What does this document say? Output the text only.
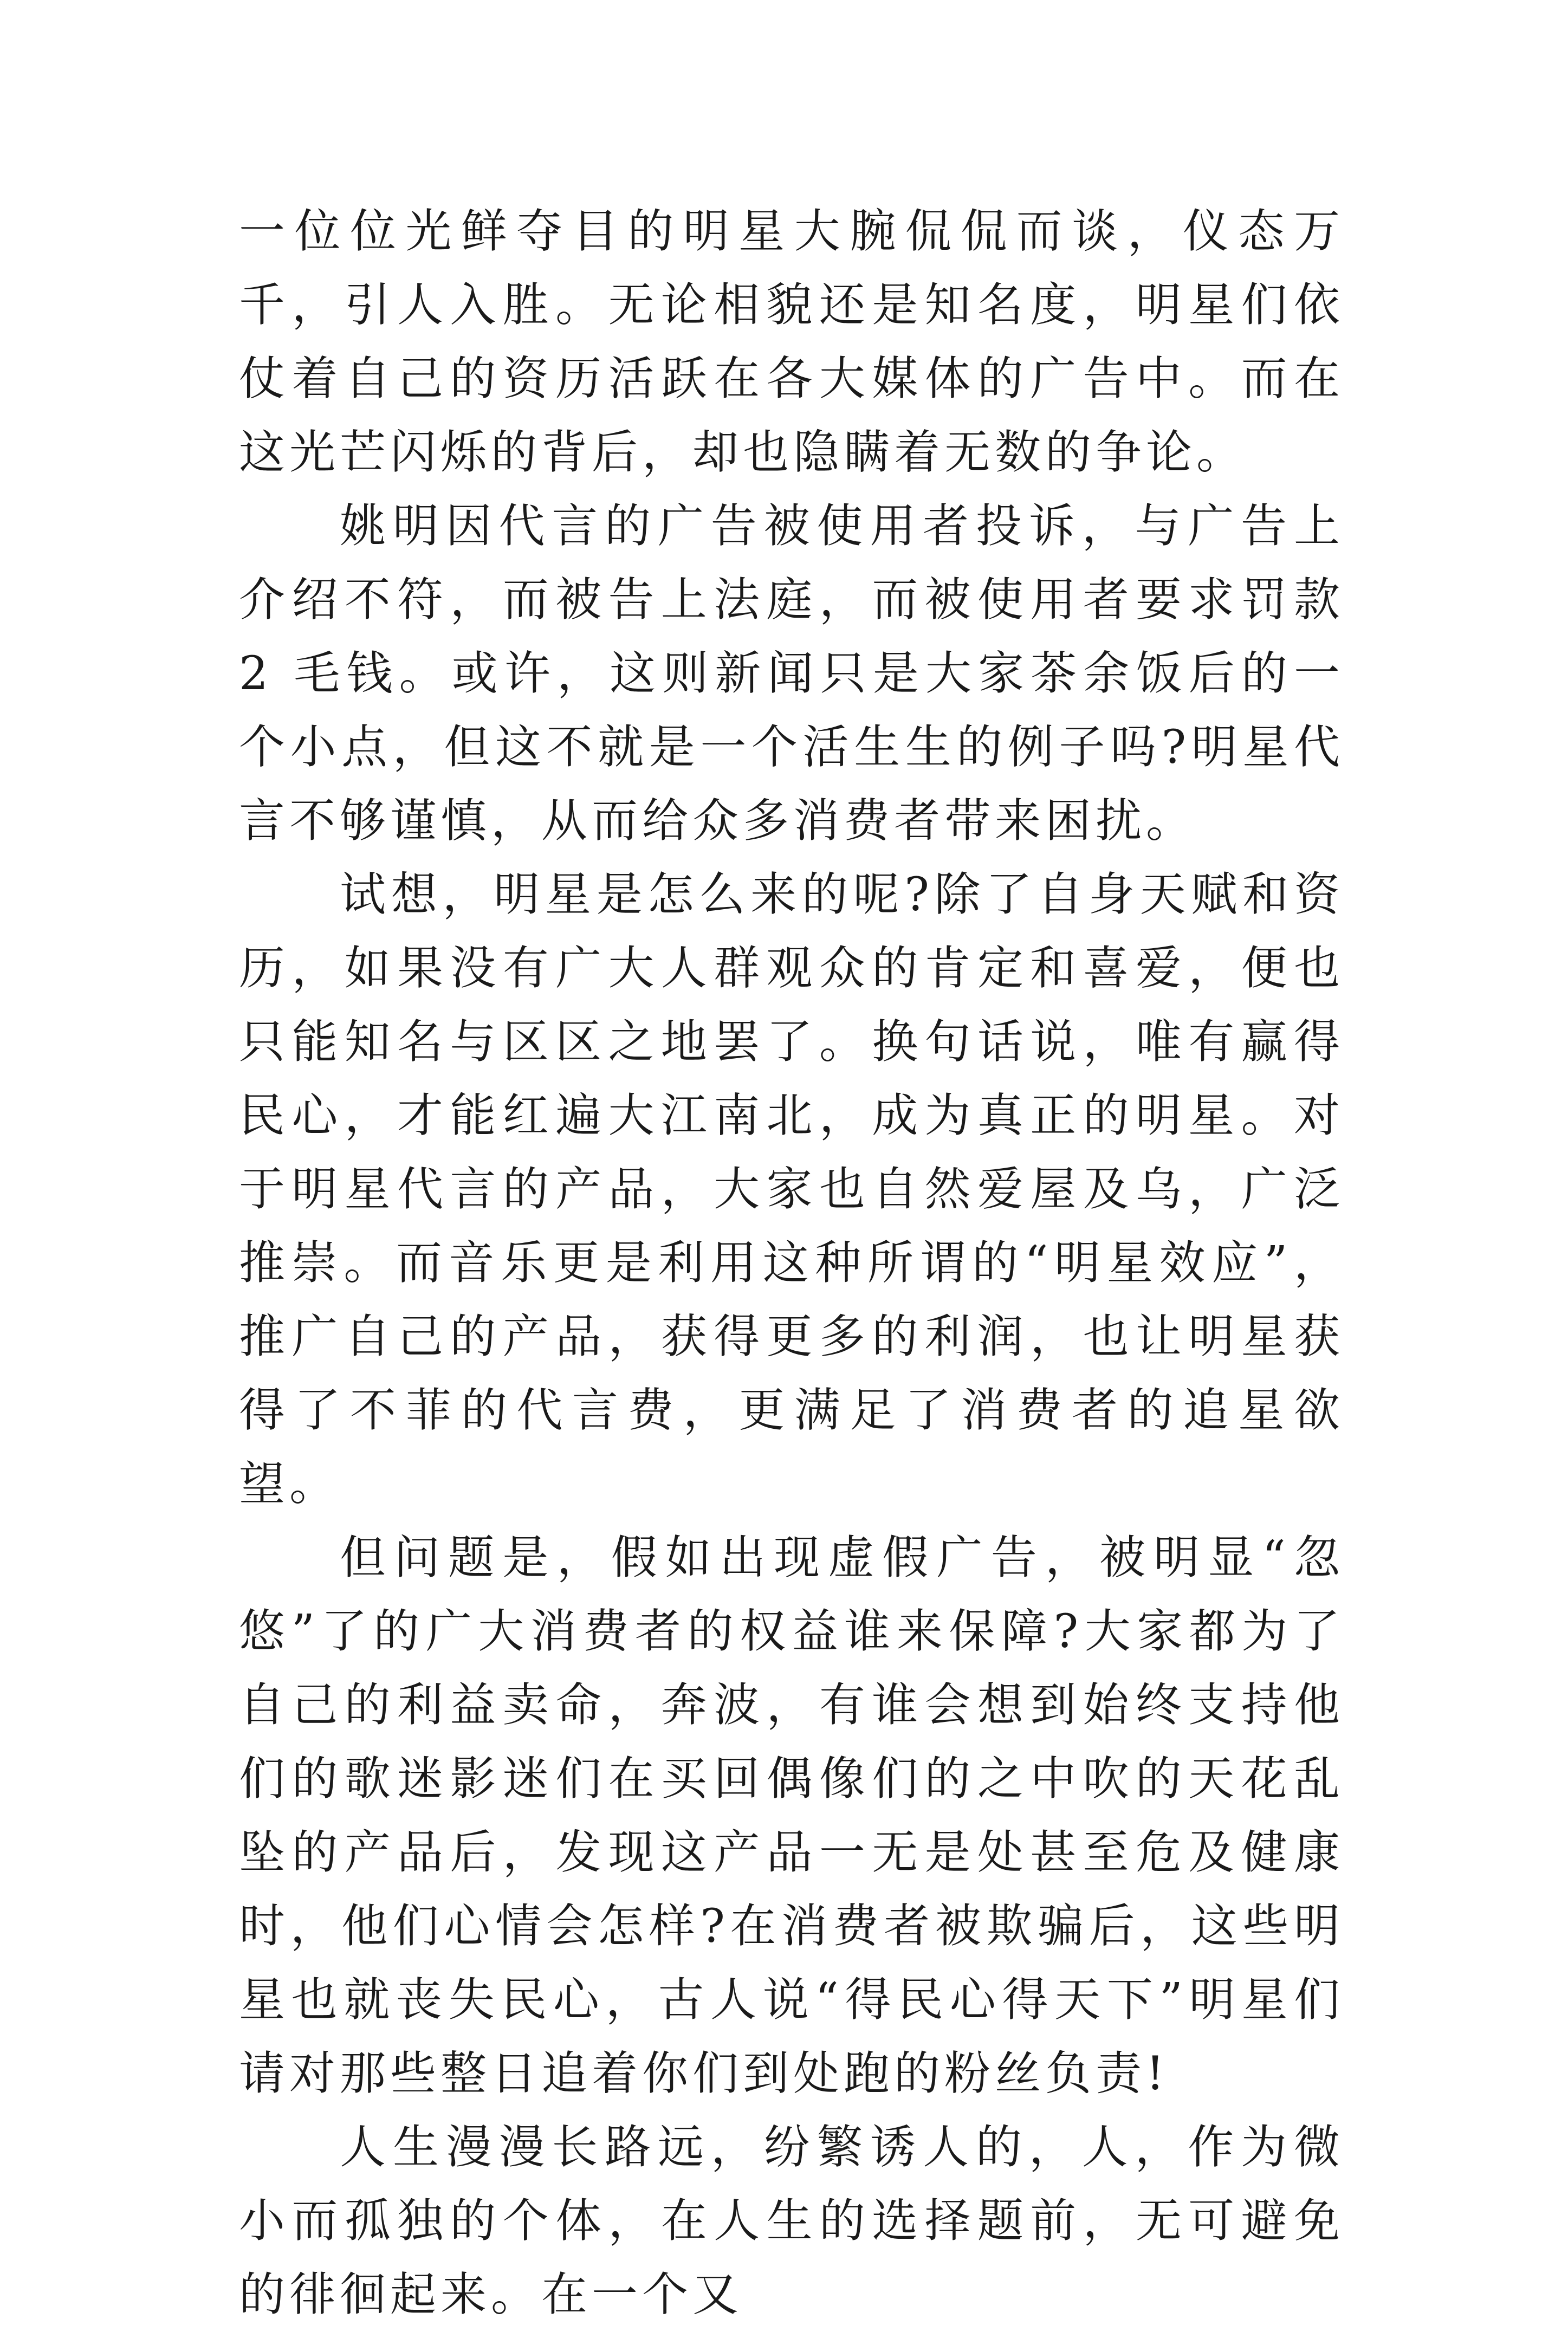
一位位光鲜夺目的明星大腕侃侃而谈，仪态万千，引人入胜。无论相貌还是知名度，明星们依仗着自己的资历活跃在各大媒体的广告中。而在这光芒闪烁的背后，却也隐瞒着无数的争论。

姚明因代言的广告被使用者投诉，与广告上介绍不符，而被告上法庭，而被使用者要求罚款 2 毛钱。或许，这则新闻只是大家茶余饭后的一个小点，但这不就是一个活生生的例子吗?明星代言不够谨慎，从而给众多消费者带来困扰。

试想，明星是怎么来的呢?除了自身天赋和资历，如果没有广大人群观众的肯定和喜爱，便也只能知名与区区之地罢了。换句话说，唯有赢得民心，才能红遍大江南北，成为真正的明星。对于明星代言的产品，大家也自然爱屋及乌，广泛推崇。而音乐更是利用这种所谓的“明星效应”，推广自己的产品，获得更多的利润，也让明星获得了不菲的代言费，更满足了消费者的追星欲望。

但问题是，假如出现虚假广告，被明显“忽悠”了的广大消费者的权益谁来保障?大家都为了自己的利益卖命，奔波，有谁会想到始终支持他们的歌迷影迷们在买回偶像们的之中吹的天花乱坠的产品后，发现这产品一无是处甚至危及健康时，他们心情会怎样?在消费者被欺骗后，这些明星也就丧失民心，古人说“得民心得天下”明星们请对那些整日追着你们到处跑的粉丝负责!

人生漫漫长路远，纷繁诱人的，人，作为微小而孤独的个体，在人生的选择题前，无可避免的徘徊起来。在一个又
